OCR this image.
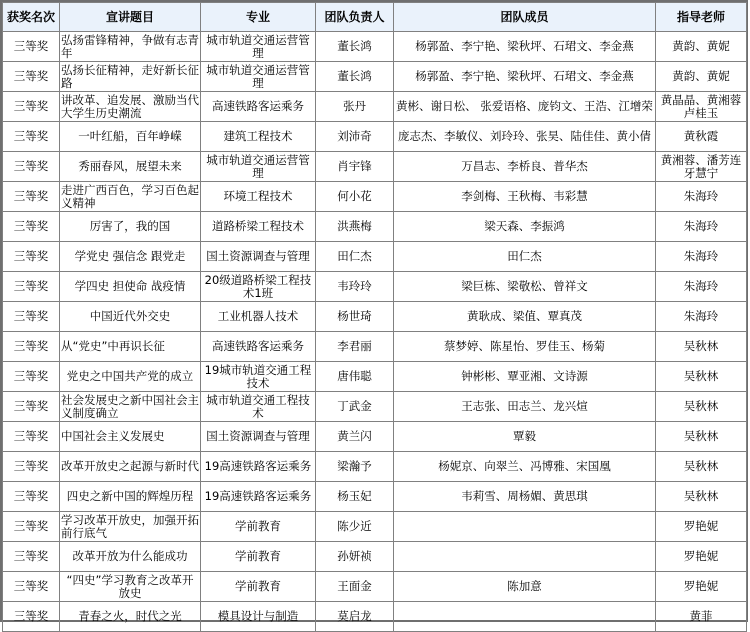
获奖名次	宣讲题目	专业	团队负责人	团队成员	指导老师
三等奖	弘扬雷锋精神，争做有志青年	城市轨道交通运营管理	董长鸿	杨郭盈、李宁艳、梁秋坪、石珺文、李金燕	黄韵、黄妮
三等奖	弘扬长征精神，走好新长征路	城市轨道交通运营管理	董长鸿	杨郭盈、李宁艳、梁秋坪、石珺文、李金燕	黄韵、黄妮
三等奖	讲改革、追发展、激励当代大学生历史潮流	高速铁路客运乘务	张丹	黄彬、谢日松、 张爱语格、庞钧文、王浩、江增荣	黄晶晶、黄湘蓉卢桂玉
三等奖	一叶红船，百年峥嵘	建筑工程技术	刘沛奇	庞志杰、李敏仪、刘玲玲、张昊、陆佳佳、黄小倩	黄秋霞
三等奖	秀丽春风，展望未来	城市轨道交通运营管理	肖宇锋	万昌志、李桥良、普华杰	黄湘蓉、潘芳连牙慧宁
三等奖	走进广西百色，学习百色起义精神	环境工程技术	何小花	李剑梅、王秋梅、韦彩慧	朱海玲
三等奖	厉害了，我的国	道路桥梁工程技术	洪燕梅	梁天森、李振鸿	朱海玲
三等奖	学党史 强信念 跟党走	国土资源调查与管理	田仁杰	田仁杰	朱海玲
三等奖	学四史 担使命 战疫情	20级道路桥梁工程技术1班	韦玲玲	梁巨栋、梁敬松、曾祥文	朱海玲
三等奖	中国近代外交史	工业机器人技术	杨世琦	黄耿成、梁值、覃真茂	朱海玲
三等奖	从“党史”中再识长征	高速铁路客运乘务	李君丽	蔡梦婷、陈星怡、罗佳玉、杨菊	吴秋林
三等奖	党史之中国共产党的成立	19城市轨道交通工程技术	唐伟聪	钟彬彬、覃亚湘、文诗源	吴秋林
三等奖	社会发展史之新中国社会主义制度确立	城市轨道交通工程技术	丁武金	王志张、田志兰、龙兴煊	吴秋林
三等奖	中国社会主义发展史	国土资源调查与管理	黄兰闪	覃毅	吴秋林
三等奖	改革开放史之起源与新时代	19高速铁路客运乘务	梁瀚予	杨妮京、向翠兰、冯博雅、宋国凰	吴秋林
三等奖	四史之新中国的辉煌历程	19高速铁路客运乘务	杨玉妃	韦莉雪、周杨媚、黄思琪	吴秋林
三等奖	学习改革开放史，加强开拓前行底气	学前教育	陈少近		罗艳妮
三等奖	改革开放为什么能成功	学前教育	孙妍祯		罗艳妮
三等奖	“四史”学习教育之改革开放史	学前教育	王面金	陈加意	罗艳妮
三等奖	青春之火，时代之光	模具设计与制造	莫启龙		黄菲
